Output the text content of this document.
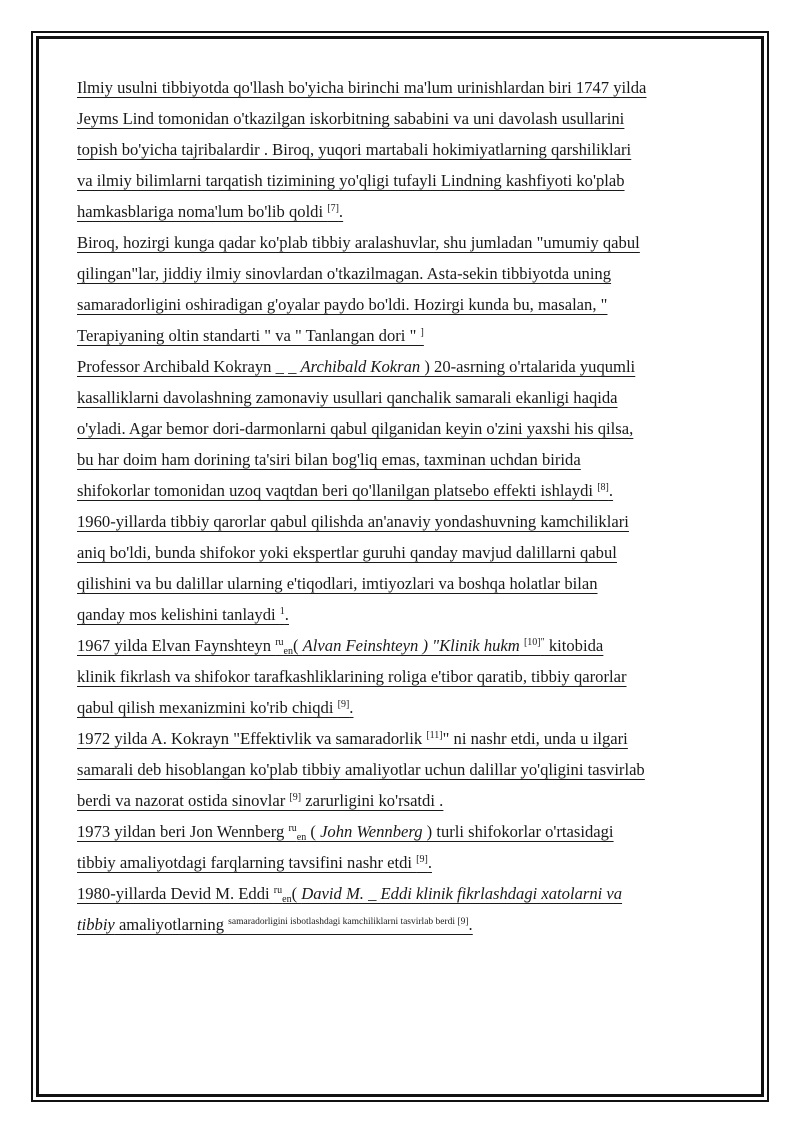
Ilmiy usulni tibbiyotda qo'llash bo'yicha birinchi ma'lum urinishlardan biri 1747 yilda
Jeyms Lind tomonidan o'tkazilgan iskorbitning sababini va uni davolash usullarini
topish bo'yicha tajribalardir . Biroq, yuqori martabali hokimiyatlarning qarshiliklari
va ilmiy bilimlarni tarqatish tizimining yo'qligi tufayli Lindning kashfiyoti ko'plab
hamkasblariga noma'lum bo'lib qoldi [7].
Biroq, hozirgi kunga qadar ko'plab tibbiy aralashuvlar, shu jumladan "umumiy qabul
qilingan"lar, jiddiy ilmiy sinovlardan o'tkazilmagan. Asta-sekin tibbiyotda uning
samaradorligini oshiradigan g'oyalar paydo bo'ldi. Hozirgi kunda bu, masalan, "
Terapiyaning oltin standarti " va " Tanlangan dori " ]
Professor Archibald Kokrayn _ _ Archibald Kokran ) 20-asrning o'rtalarida yuqumli
kasalliklarni davolashning zamonaviy usullari qanchalik samarali ekanligi haqida
o'yladi. Agar bemor dori-darmonlarni qabul qilganidan keyin o'zini yaxshi his qilsa,
bu har doim ham dorining ta'siri bilan bog'liq emas, taxminan uchdan birida
shifokorlar tomonidan uzoq vaqtdan beri qo'llanilgan platsebo effekti ishlaydi [8].
1960-yillarda tibbiy qarorlar qabul qilishda an'anaviy yondashuvning kamchiliklari
aniq bo'ldi, bunda shifokor yoki ekspertlar guruhi qanday mavjud dalillarni qabul
qilishini va bu dalillar ularning e'tiqodlari, imtiyozlari va boshqa holatlar bilan
qanday mos kelishini tanlaydi $^1$.
1967 yilda Elvan Faynshteyn $^{ru}_{en}$( Alvan Feinshteyn ) "Klinik hukm $^{[10]"}$ kitobida
klinik fikrlash va shifokor tarafkashliklarining roliga e'tibor qaratib, tibbiy qarorlar
qabul qilish mexanizmini ko'rib chiqdi [9].
1972 yilda A. Kokrayn "Effektivlik va samaradorlik [11]" ni nashr etdi, unda u ilgari
samarali deb hisoblangan ko'plab tibbiy amaliyotlar uchun dalillar yo'qligini tasvirlab
berdi va nazorat ostida sinovlar [9] zarurligini ko'rsatdi .
1973 yildan beri Jon Wennberg $^{ru}_{en}$ ( John Wennberg ) turli shifokorlar o'rtasidagi
tibbiy amaliyotdagi farqlarning tavsifini nashr etdi [9].
1980-yillarda Devid M. Eddi $^{ru}_{en}$( David M. _ Eddi klinik fikrlashdagi xatolarni va
tibbiy amaliyotlarning $^{samaradorligini isbotlashdagi kamchiliklarni tasvirlab berdi [9]}$.
